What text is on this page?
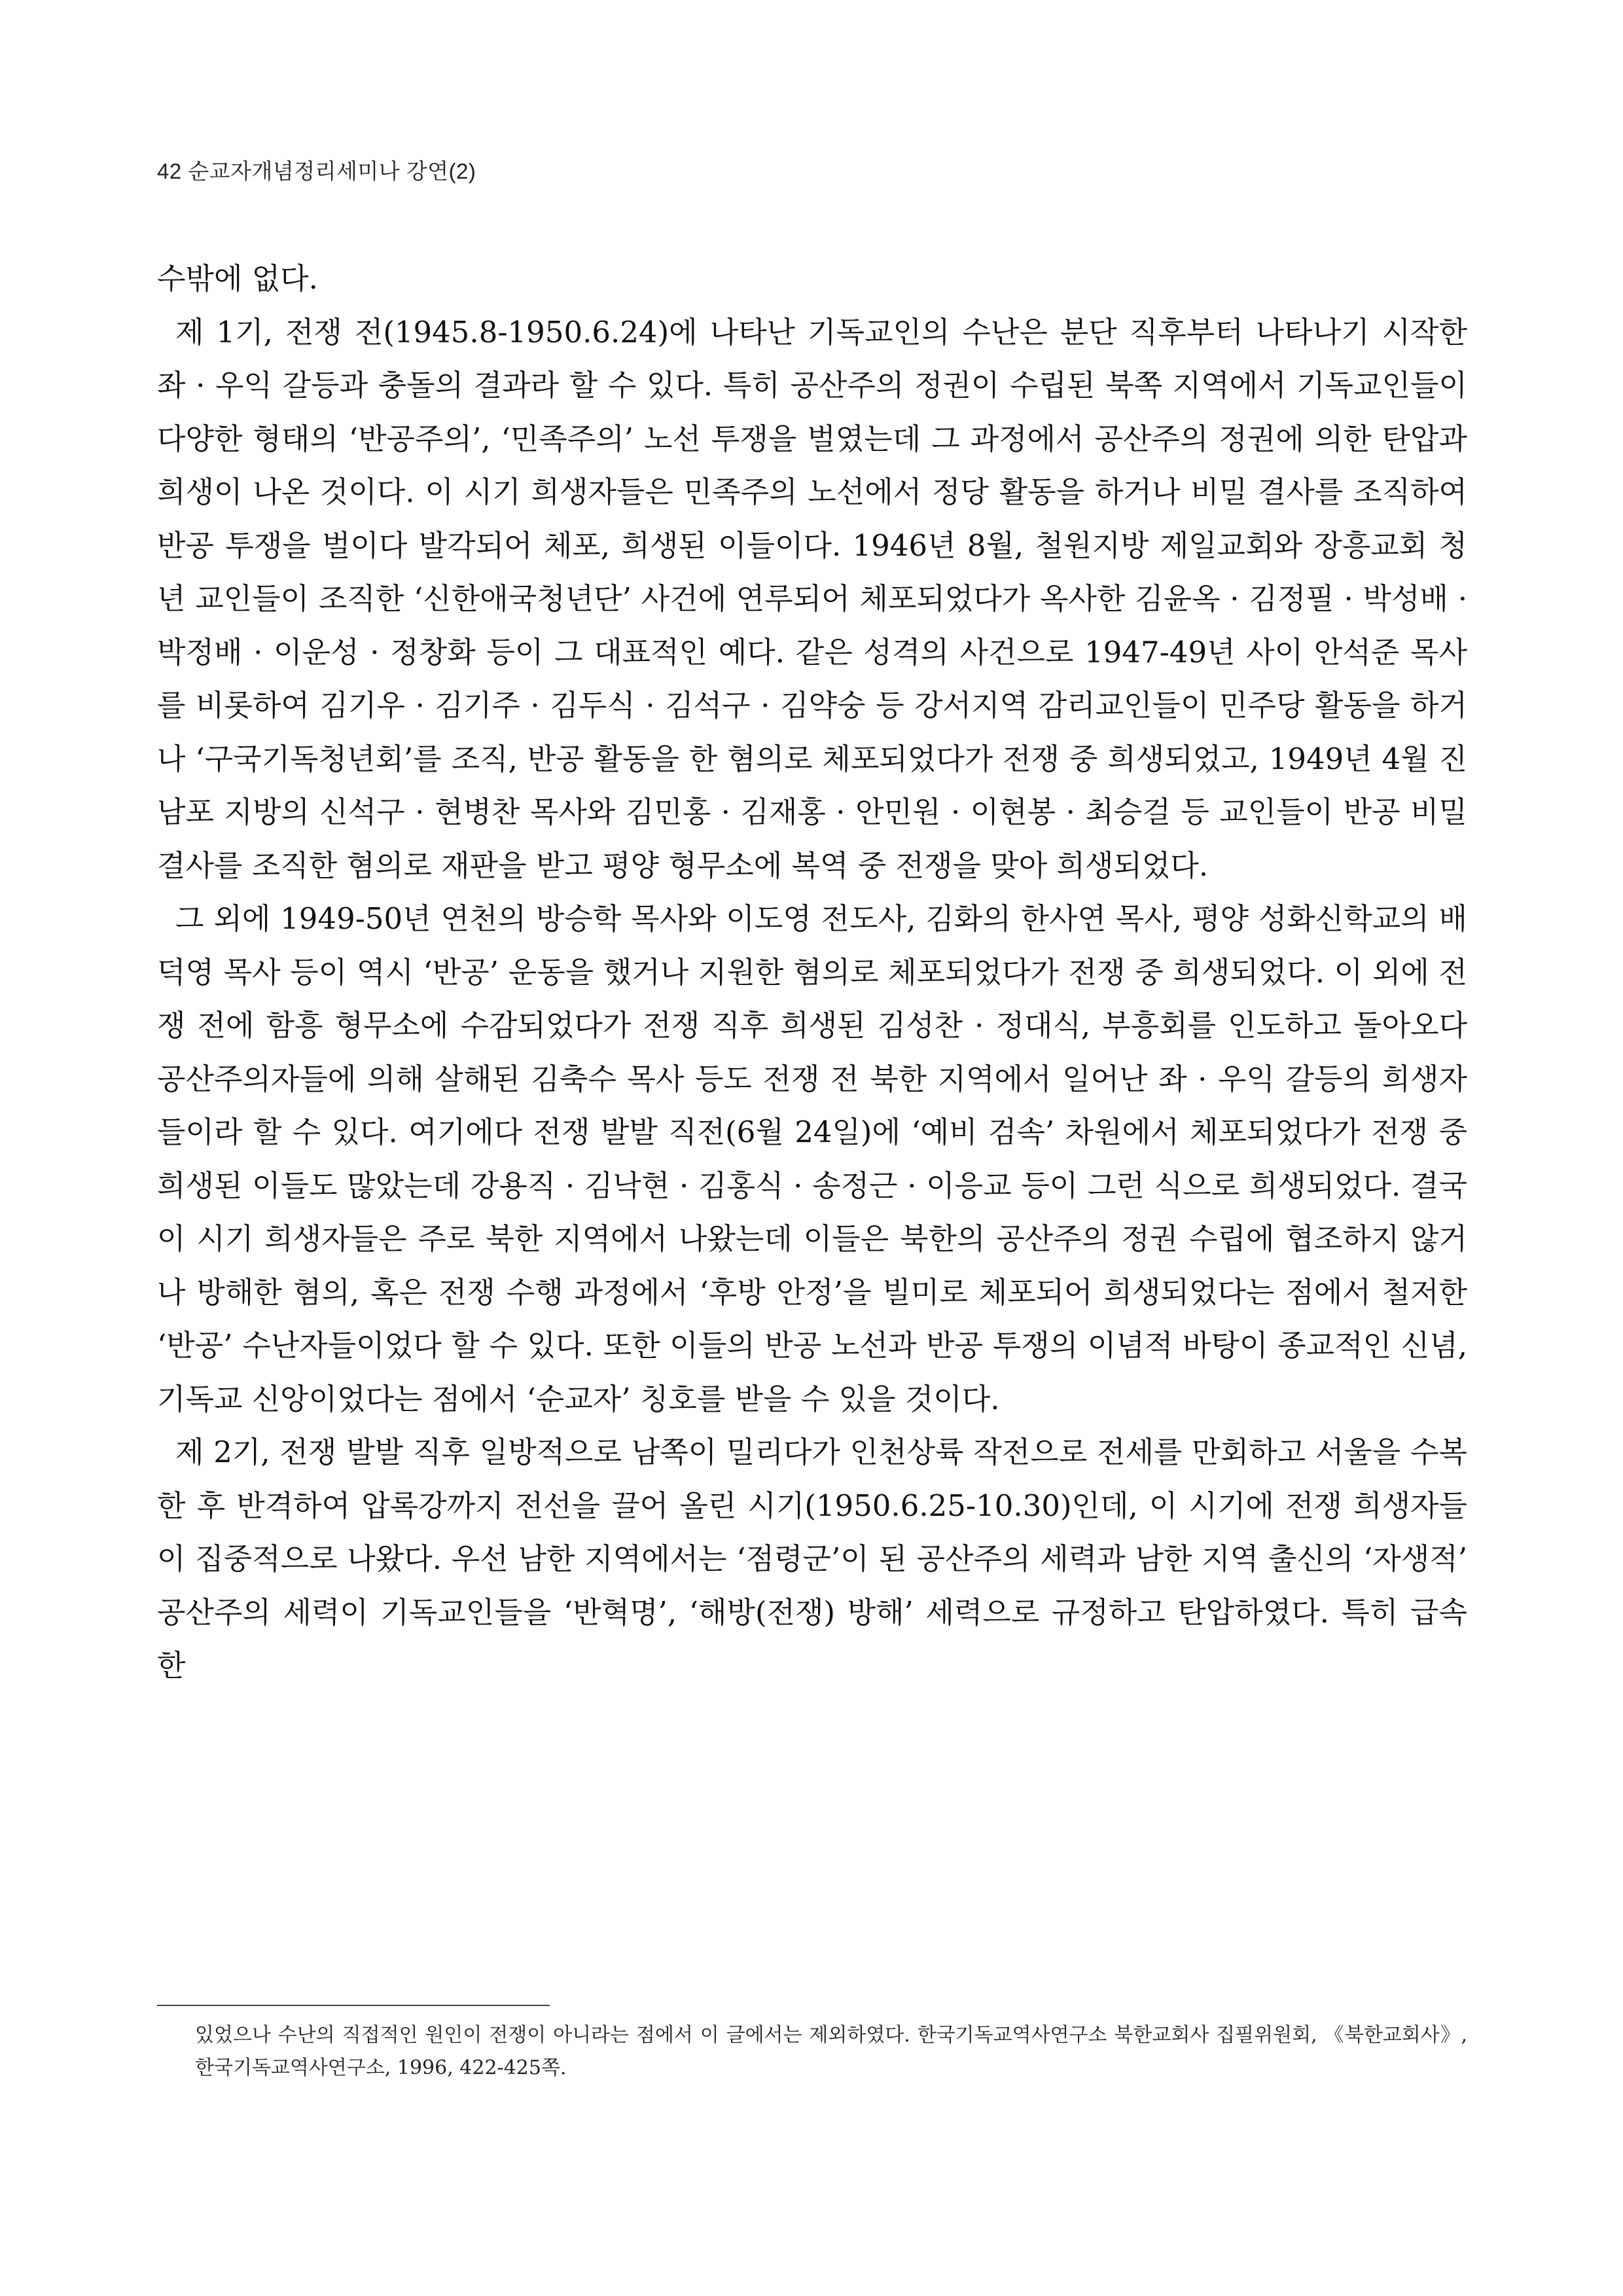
42 순교자개념정리세미나 강연(2)

수밖에 없다.

제 1기, 전쟁 전(1945.8-1950.6.24)에 나타난 기독교인의 수난은 분단 직후부터 나타나기 시작한 좌 · 우익 갈등과 충돌의 결과라 할 수 있다. 특히 공산주의 정권이 수립된 북쪽 지역에서 기독교인들이 다양한 형태의 ‘반공주의’, ‘민족주의’ 노선 투쟁을 벌였는데 그 과정에서 공산주의 정권에 의한 탄압과 희생이 나온 것이다. 이 시기 희생자들은 민족주의 노선에서 정당 활동을 하거나 비밀 결사를 조직하여 반공 투쟁을 벌이다 발각되어 체포, 희생된 이들이다. 1946년 8월, 철원지방 제일교회와 장흥교회 청년 교인들이 조직한 ‘신한애국청년단’ 사건에 연루되어 체포되었다가 옥사한 김윤옥 · 김정필 · 박성배 · 박정배 · 이운성 · 정창화 등이 그 대표적인 예다. 같은 성격의 사건으로 1947-49년 사이 안석준 목사를 비롯하여 김기우 · 김기주 · 김두식 · 김석구 · 김약숭 등 강서지역 감리교인들이 민주당 활동을 하거나 ‘구국기독청년회’를 조직, 반공 활동을 한 혐의로 체포되었다가 전쟁 중 희생되었고, 1949년 4월 진남포 지방의 신석구 · 현병찬 목사와 김민홍 · 김재홍 · 안민원 · 이현봉 · 최승걸 등 교인들이 반공 비밀결사를 조직한 혐의로 재판을 받고 평양 형무소에 복역 중 전쟁을 맞아 희생되었다.

그 외에 1949-50년 연천의 방승학 목사와 이도영 전도사, 김화의 한사연 목사, 평양 성화신학교의 배덕영 목사 등이 역시 ‘반공’ 운동을 했거나 지원한 혐의로 체포되었다가 전쟁 중 희생되었다. 이 외에 전쟁 전에 함흥 형무소에 수감되었다가 전쟁 직후 희생된 김성찬 · 정대식, 부흥회를 인도하고 돌아오다 공산주의자들에 의해 살해된 김축수 목사 등도 전쟁 전 북한 지역에서 일어난 좌 · 우익 갈등의 희생자들이라 할 수 있다. 여기에다 전쟁 발발 직전(6월 24일)에 ‘예비 검속’ 차원에서 체포되었다가 전쟁 중 희생된 이들도 많았는데 강용직 · 김낙현 · 김홍식 · 송정근 · 이응교 등이 그런 식으로 희생되었다. 결국 이 시기 희생자들은 주로 북한 지역에서 나왔는데 이들은 북한의 공산주의 정권 수립에 협조하지 않거나 방해한 혐의, 혹은 전쟁 수행 과정에서 ‘후방 안정’을 빌미로 체포되어 희생되었다는 점에서 철저한 ‘반공’ 수난자들이었다 할 수 있다. 또한 이들의 반공 노선과 반공 투쟁의 이념적 바탕이 종교적인 신념, 기독교 신앙이었다는 점에서 ‘순교자’ 칭호를 받을 수 있을 것이다.

제 2기, 전쟁 발발 직후 일방적으로 남쪽이 밀리다가 인천상륙 작전으로 전세를 만회하고 서울을 수복한 후 반격하여 압록강까지 전선을 끌어 올린 시기(1950.6.25-10.30)인데, 이 시기에 전쟁 희생자들이 집중적으로 나왔다. 우선 남한 지역에서는 ‘점령군’이 된 공산주의 세력과 남한 지역 출신의 ‘자생적’ 공산주의 세력이 기독교인들을 ‘반혁명’, ‘해방(전쟁) 방해’ 세력으로 규정하고 탄압하였다. 특히 급속한

있었으나 수난의 직접적인 원인이 전쟁이 아니라는 점에서 이 글에서는 제외하였다. 한국기독교역사연구소 북한교회사 집필위원회, 《북한교회사》, 한국기독교역사연구소, 1996, 422-425쪽.
